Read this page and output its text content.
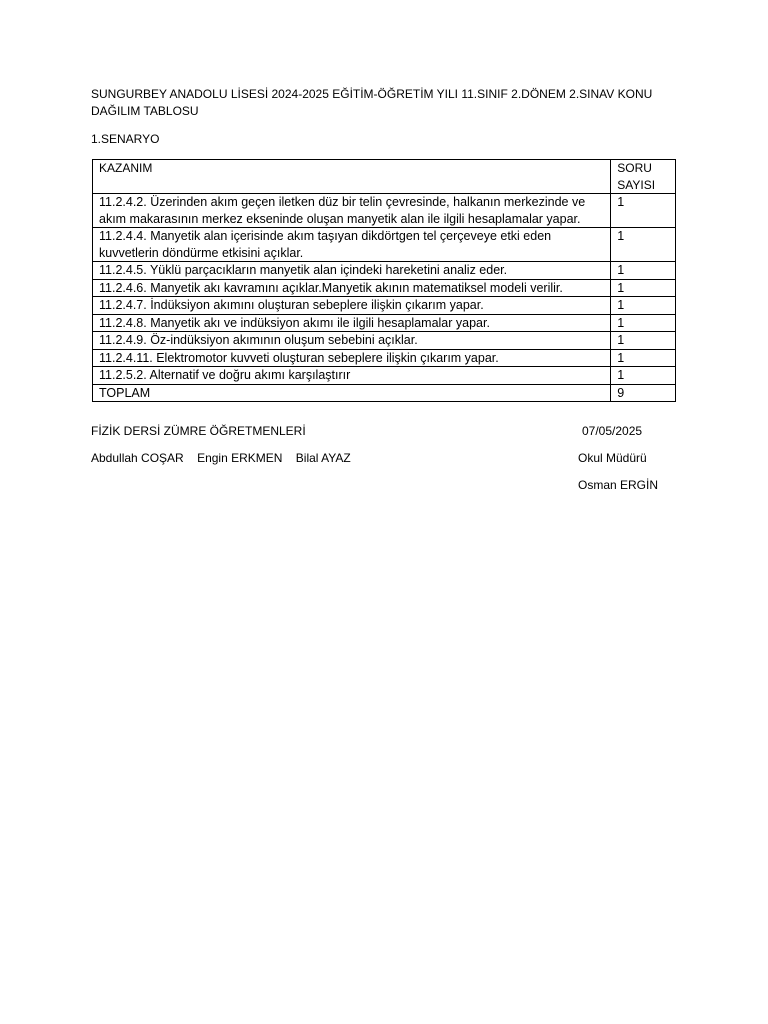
SUNGURBEY ANADOLU LİSESİ 2024-2025 EĞİTİM-ÖĞRETİM YILI 11.SINIF 2.DÖNEM 2.SINAV KONU DAĞILIM TABLOSU
1.SENARYO
KAZANIM	SORU SAYISI
11.2.4.2. Üzerinden akım geçen iletken düz bir telin çevresinde, halkanın merkezinde ve akım makarasının merkez ekseninde oluşan manyetik alan ile ilgili hesaplamalar yapar.	1
11.2.4.4. Manyetik alan içerisinde akım taşıyan dikdörtgen tel çerçeveye etki eden kuvvetlerin döndürme etkisini açıklar.	1
11.2.4.5. Yüklü parçacıkların manyetik alan içindeki hareketini analiz eder.	1
11.2.4.6. Manyetik akı kavramını açıklar.Manyetik akının matematiksel modeli verilir.	1
11.2.4.7. İndüksiyon akımını oluşturan sebeplere ilişkin çıkarım yapar.	1
11.2.4.8. Manyetik akı ve indüksiyon akımı ile ilgili hesaplamalar yapar.	1
11.2.4.9. Öz-indüksiyon akımının oluşum sebebini açıklar.	1
11.2.4.11. Elektromotor kuvveti oluşturan sebeplere ilişkin çıkarım yapar.	1
11.2.5.2. Alternatif ve doğru akımı karşılaştırır	1
TOPLAM	9
FİZİK DERSİ ZÜMRE ÖĞRETMENLERİ	07/05/2025
Abdullah COŞAR Engin ERKMEN Bilal AYAZ	Okul Müdürü
Osman ERGİN
